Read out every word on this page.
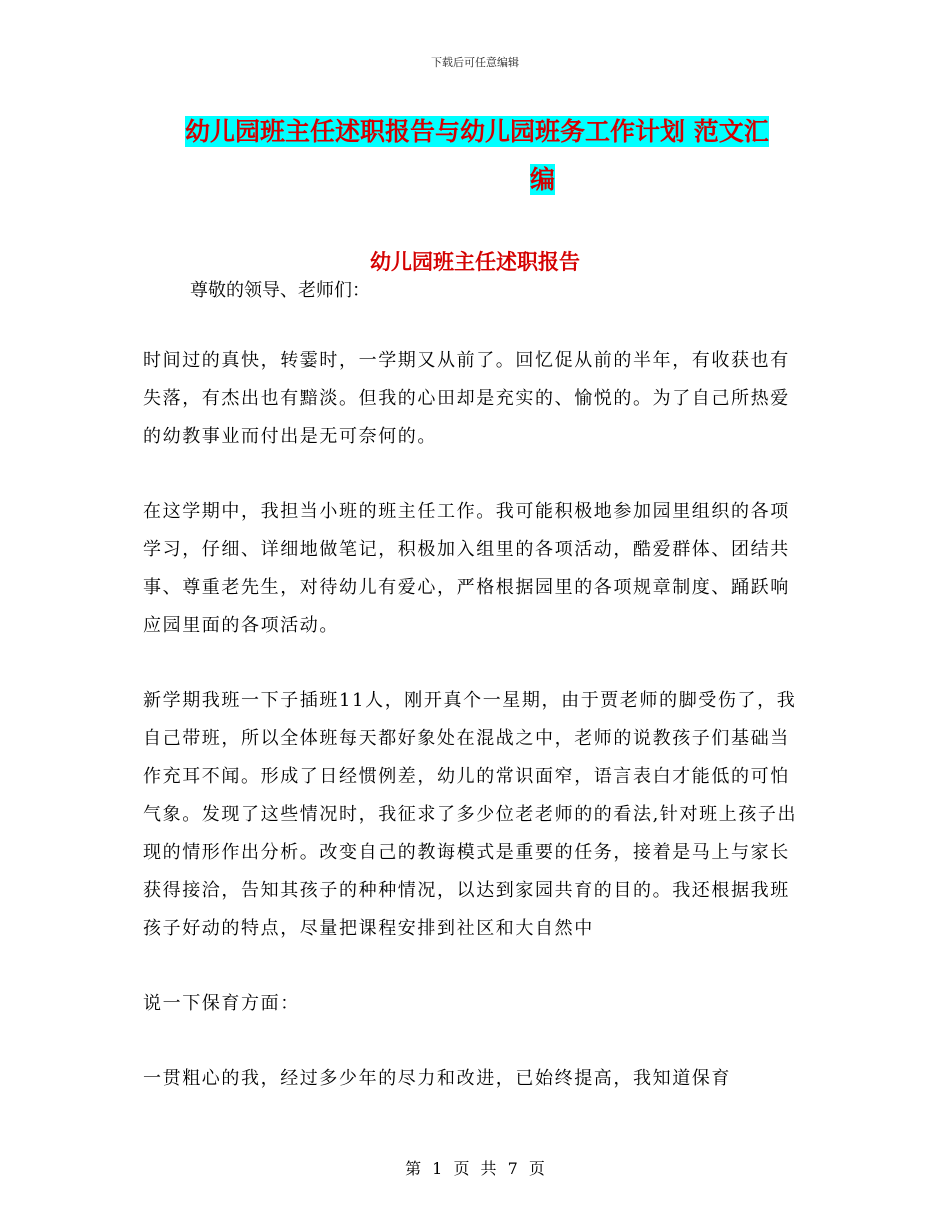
下载后可任意编辑
幼儿园班主任述职报告与幼儿园班务工作计划 范文汇
编
幼儿园班主任述职报告
尊敬的领导、老师们：

时间过的真快，转霎时，一学期又从前了。回忆促从前的半年，有收获也有失落，有杰出也有黯淡。但我的心田却是充实的、愉悦的。为了自己所热爱的幼教事业而付出是无可奈何的。

在这学期中，我担当小班的班主任工作。我可能积极地参加园里组织的各项学习，仔细、详细地做笔记，积极加入组里的各项活动，酷爱群体、团结共事、尊重老先生，对待幼儿有爱心，严格根据园里的各项规章制度、踊跃响应园里面的各项活动。

新学期我班一下子插班11人，刚开真个一星期，由于贾老师的脚受伤了，我自己带班，所以全体班每天都好象处在混战之中，老师的说教孩子们基础当作充耳不闻。形成了日经惯例差，幼儿的常识面窄，语言表白才能低的可怕气象。发现了这些情况时，我征求了多少位老老师的的看法,针对班上孩子出现的情形作出分析。改变自己的教诲模式是重要的任务，接着是马上与家长获得接洽，告知其孩子的种种情况，以达到家园共育的目的。我还根据我班孩子好动的特点，尽量把课程安排到社区和大自然中

说一下保育方面：

一贯粗心的我，经过多少年的尽力和改进，已始终提高，我知道保育

第 1 页 共 7 页
